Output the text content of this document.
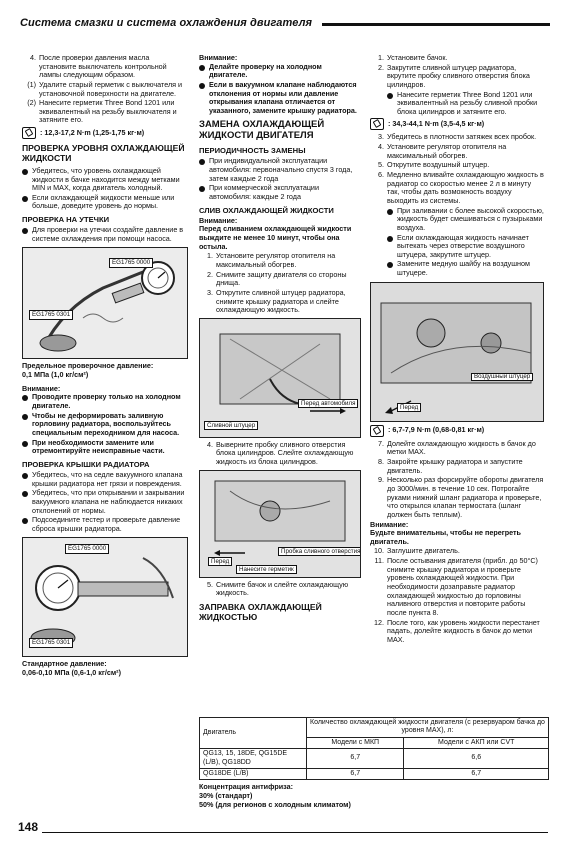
Система смазки и система охлаждения двигателя
4. После проверки давления масла установите выключатель контрольной лампы следующим образом.
(1) Удалите старый герметик с выключателя и установочной поверхности на двигателе.
(2) Нанесите герметик Three Bond 1201 или эквивалентный на резьбу выключателя и затяните его.
: 12,3-17,2 N·m (1,25-1,75 кг·м)
ПРОВЕРКА УРОВНЯ ОХЛАЖДАЮЩЕЙ ЖИДКОСТИ
Убедитесь, что уровень охлаждающей жидкости в бачке находится между метками MIN и MAX, когда двигатель холодный.
Если охлаждающей жидкости меньше или больше, доведите уровень до нормы.
ПРОВЕРКА НА УТЕЧКИ
Для проверки на утечки создайте давление в системе охлаждения при помощи насоса.
EG1765 0000
EG1765 0301
Предельное проверочное давление:
0,1 МПа (1,0 кг/см²)
Внимание:
Проводите проверку только на холодном двигателе.
Чтобы не деформировать заливную горловину радиатора, воспользуйтесь специальным переходником для насоса.
При необходимости замените или отремонтируйте неисправные части.
ПРОВЕРКА КРЫШКИ РАДИАТОРА
Убедитесь, что на седле вакуумного клапана крышки радиатора нет грязи и повреждения.
Убедитесь, что при открывании и закрывании вакуумного клапана не наблюдается никаких отклонений от нормы.
Подсоедините тестер и проверьте давление сброса крышки радиатора.
EG1765 0000
EG1765 0301
Стандартное давление:
0,06-0,10 МПа (0,6-1,0 кг/см²)
Внимание:
Делайте проверку на холодном двигателе.
Если в вакуумном клапане наблюдаются отклонения от нормы или давление открывания клапана отличается от указанного, замените крышку радиатора.
ЗАМЕНА ОХЛАЖДАЮЩЕЙ ЖИДКОСТИ ДВИГАТЕЛЯ
ПЕРИОДИЧНОСТЬ ЗАМЕНЫ
При индивидуальной эксплуатации автомобиля: первоначально спустя 3 года, затем каждые 2 года
При коммерческой эксплуатации автомобиля: каждые 2 года
СЛИВ ОХЛАЖДАЮЩЕЙ ЖИДКОСТИ
Внимание:
Перед сливанием охлаждающей жидкости выждите не менее 10 минут, чтобы она остыла.
1. Установите регулятор отопителя на максимальный обогрев.
2. Снимите защиту двигателя со стороны днища.
3. Открутите сливной штуцер радиатора, снимите крышку радиатора и слейте охлаждающую жидкость.
Перед автомобиля
Сливной штуцер
4. Выверните пробку сливного отверстия блока цилиндров. Слейте охлаждающую жидкость из блока цилиндров.
Пробка сливного отверстия
Перед
Нанесите герметик
5. Снимите бачок и слейте охлаждающую жидкость.
ЗАПРАВКА ОХЛАЖДАЮЩЕЙ ЖИДКОСТЬЮ
1. Установите бачок.
2. Закрутите сливной штуцер радиатора, вкрутите пробку сливного отверстия блока цилиндров.
Нанесите герметик Three Bond 1201 или эквивалентный на резьбу сливной пробки блока цилиндров и затяните его.
: 34,3-44,1 N·m (3,5-4,5 кг·м)
3. Убедитесь в плотности затяжек всех пробок.
4. Установите регулятор отопителя на максимальный обогрев.
5. Открутите воздушный штуцер.
6. Медленно вливайте охлаждающую жидкость в радиатор со скоростью менее 2 л в минуту так, чтобы дать возможность воздуху выходить из системы.
При заливании с более высокой скоростью, жидкость будет смешиваться с пузырьками воздуха.
Если охлаждающая жидкость начинает вытекать через отверстие воздушного штуцера, закрутите штуцер.
Замените медную шайбу на воздушном штуцере.
Воздушный штуцер
Перед
: 6,7-7,9 N·m (0,68-0,81 кг·м)
7. Долейте охлаждающую жидкость в бачок до метки MAX.
8. Закройте крышку радиатора и запустите двигатель.
9. Несколько раз форсируйте обороты двигателя до 3000/мин. в течение 10 сек. Потрогайте руками нижний шланг радиатора и проверьте, что открылся клапан термостата (шланг должен быть теплым).
Внимание:
Будьте внимательны, чтобы не перегреть двигатель.
10. Заглушите двигатель.
11. После остывания двигателя (прибл. до 50°С) снимите крышку радиатора и проверьте уровень охлаждающей жидкости. При необходимости дозаправьте радиатор охлаждающей жидкостью до горловины наливного отверстия и повторите работы после пункта 8.
12. После того, как уровень жидкости перестанет падать, долейте жидкость в бачок до метки MAX.
Двигатель	Количество охлаждающей жидкости двигателя (с резервуаром бачка до уровня MAX), л:	
	Модели с МКП	Модели с АКП или CVT
QG13, 15, 18DE, QG15DE (L/B), QG18DD	6,7	6,6
QG18DE (L/B)	6,7	6,7
Концентрация антифриза:
30% (стандарт)
50% (для регионов с холодным климатом)
148
